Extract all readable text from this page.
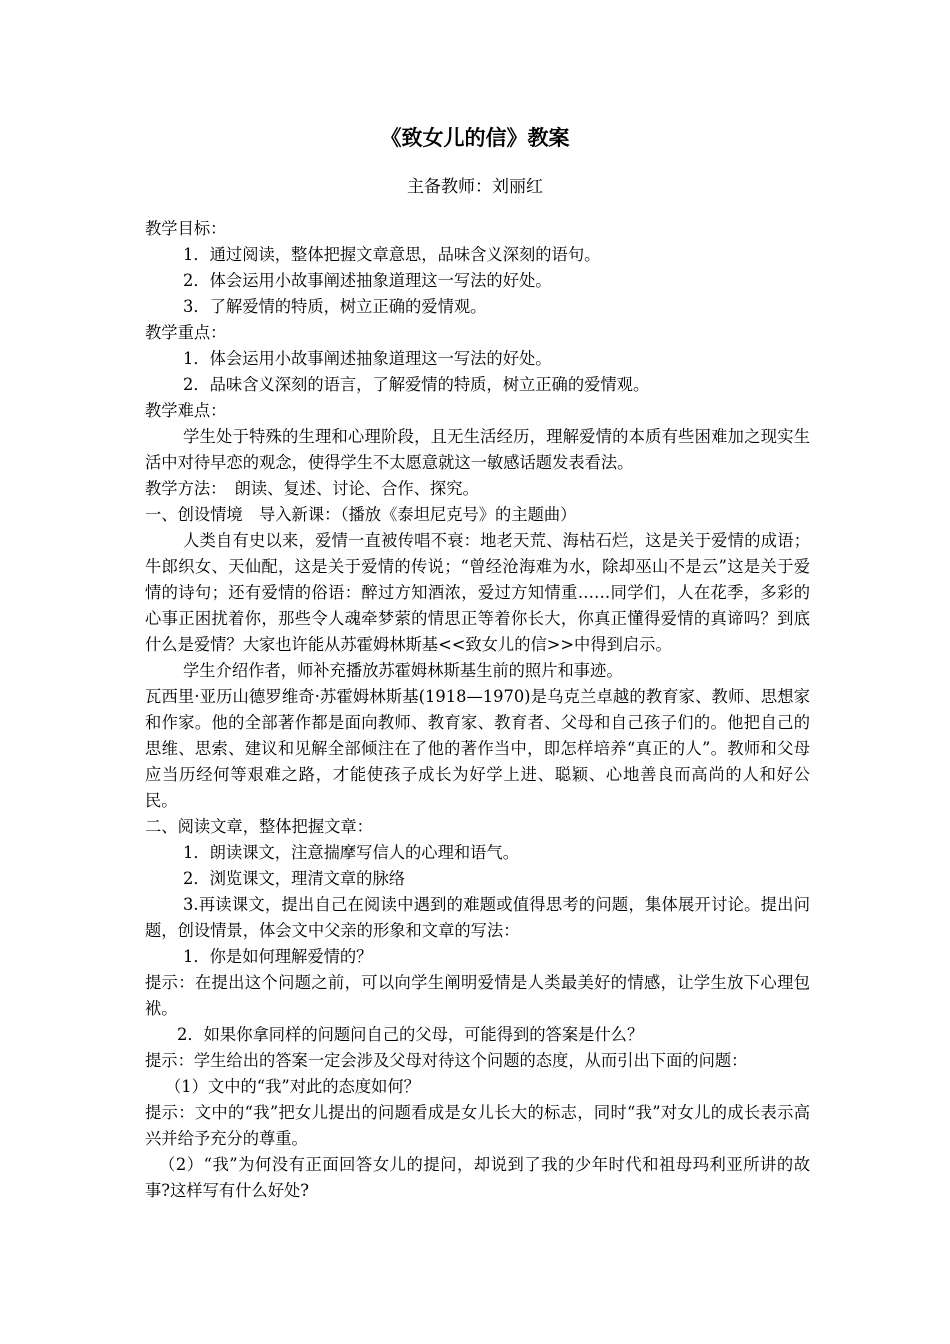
《致女儿的信》教案
主备教师：刘丽红

教学目标：

1．通过阅读，整体把握文章意思，品味含义深刻的语句。

2．体会运用小故事阐述抽象道理这一写法的好处。

3．了解爱情的特质，树立正确的爱情观。

教学重点：

1．体会运用小故事阐述抽象道理这一写法的好处。

2．品味含义深刻的语言，了解爱情的特质，树立正确的爱情观。

教学难点：

学生处于特殊的生理和心理阶段，且无生活经历，理解爱情的本质有些困难加之现实生活中对待早恋的观念，使得学生不太愿意就这一敏感话题发表看法。

教学方法：　朗读、复述、讨论、合作、探究。

一、创设情境　导入新课：（播放《泰坦尼克号》的主题曲）

人类自有史以来，爱情一直被传唱不衰：地老天荒、海枯石烂，这是关于爱情的成语；牛郎织女、天仙配，这是关于爱情的传说；“曾经沧海难为水，除却巫山不是云”这是关于爱情的诗句；还有爱情的俗语：醉过方知酒浓，爱过方知情重……同学们，人在花季，多彩的心事正困扰着你，那些令人魂牵梦萦的情思正等着你长大，你真正懂得爱情的真谛吗？到底什么是爱情？大家也许能从苏霍姆林斯基<<致女儿的信>>中得到启示。

学生介绍作者，师补充播放苏霍姆林斯基生前的照片和事迹。

瓦西里·亚历山德罗维奇·苏霍姆林斯基(1918—1970)是乌克兰卓越的教育家、教师、思想家和作家。他的全部著作都是面向教师、教育家、教育者、父母和自己孩子们的。他把自己的思维、思索、建议和见解全部倾注在了他的著作当中，即怎样培养“真正的人”。教师和父母应当历经何等艰难之路，才能使孩子成长为好学上进、聪颖、心地善良而高尚的人和好公民。

二、阅读文章，整体把握文章：

1．朗读课文，注意揣摩写信人的心理和语气。

2．浏览课文，理清文章的脉络

3.再读课文，提出自己在阅读中遇到的难题或值得思考的问题，集体展开讨论。提出问题，创设情景，体会文中父亲的形象和文章的写法：

1．你是如何理解爱情的？

提示：在提出这个问题之前，可以向学生阐明爱情是人类最美好的情感，让学生放下心理包袱。

2．如果你拿同样的问题问自己的父母，可能得到的答案是什么？

提示：学生给出的答案一定会涉及父母对待这个问题的态度，从而引出下面的问题：

（1）文中的“我”对此的态度如何？

提示：文中的“我”把女儿提出的问题看成是女儿长大的标志，同时“我”对女儿的成长表示高兴并给予充分的尊重。

（2）“我”为何没有正面回答女儿的提问，却说到了我的少年时代和祖母玛利亚所讲的故事?这样写有什么好处?
